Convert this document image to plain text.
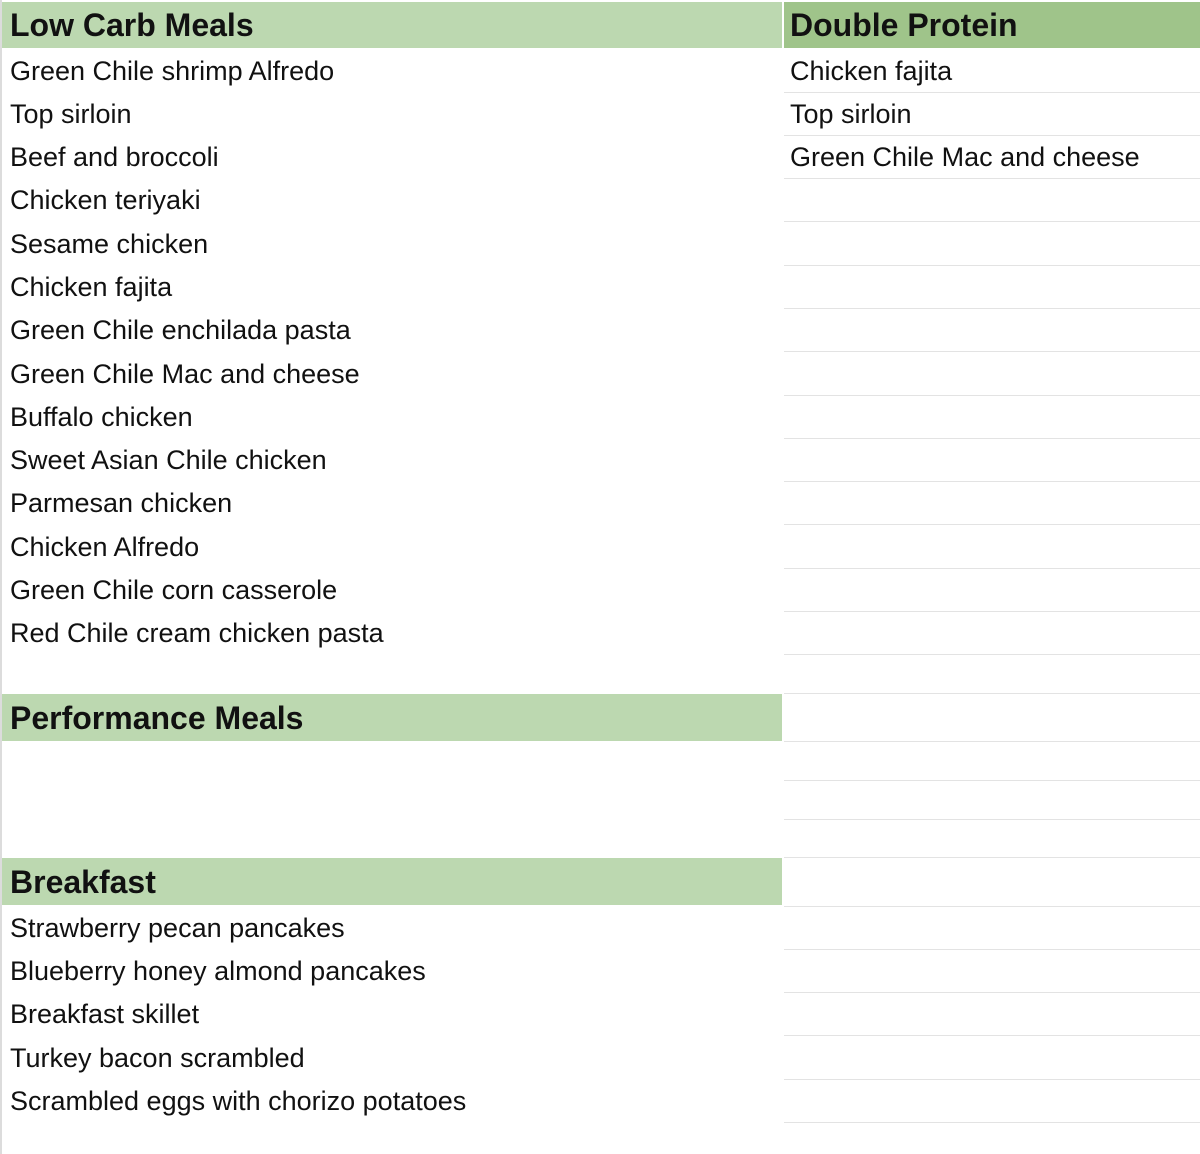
Low Carb Meals
Green Chile shrimp Alfredo
Top sirloin
Beef and broccoli
Chicken teriyaki
Sesame chicken
Chicken fajita
Green Chile enchilada pasta
Green Chile Mac and cheese
Buffalo chicken
Sweet Asian Chile chicken
Parmesan chicken
Chicken Alfredo
Green Chile corn casserole
Red Chile cream chicken pasta
Performance Meals
Breakfast
Strawberry pecan pancakes
Blueberry honey almond pancakes
Breakfast skillet
Turkey bacon scrambled
Scrambled eggs with chorizo potatoes
Double Protein
Chicken fajita
Top sirloin
Green Chile Mac and cheese
